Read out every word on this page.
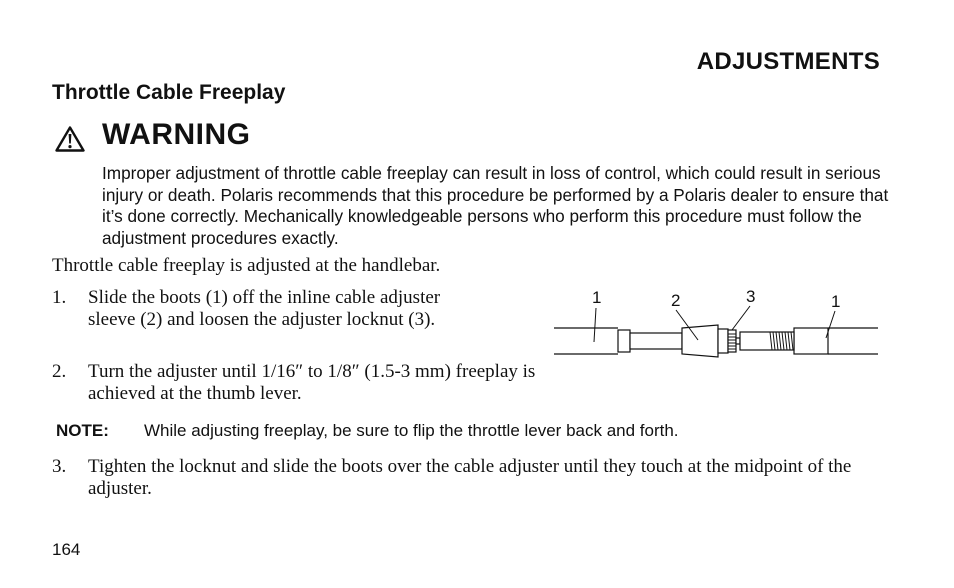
ADJUSTMENTS
Throttle Cable Freeplay
WARNING
Improper adjustment of throttle cable freeplay can result in loss of control, which could result in serious injury or death. Polaris recommends that this procedure be performed by a Polaris dealer to ensure that it’s done correctly. Mechanically knowledgeable persons who perform this procedure must follow the adjustment procedures exactly.
Throttle cable freeplay is adjusted at the handlebar.
1. Slide the boots (1) off the inline cable adjuster sleeve (2) and loosen the adjuster locknut (3).
2. Turn the adjuster until 1/16″ to 1/8″ (1.5-3 mm) freeplay is achieved at the thumb lever.
NOTE: While adjusting freeplay, be sure to flip the throttle lever back and forth.
3. Tighten the locknut and slide the boots over the cable adjuster until they touch at the midpoint of the adjuster.
1	2	3	1
164
